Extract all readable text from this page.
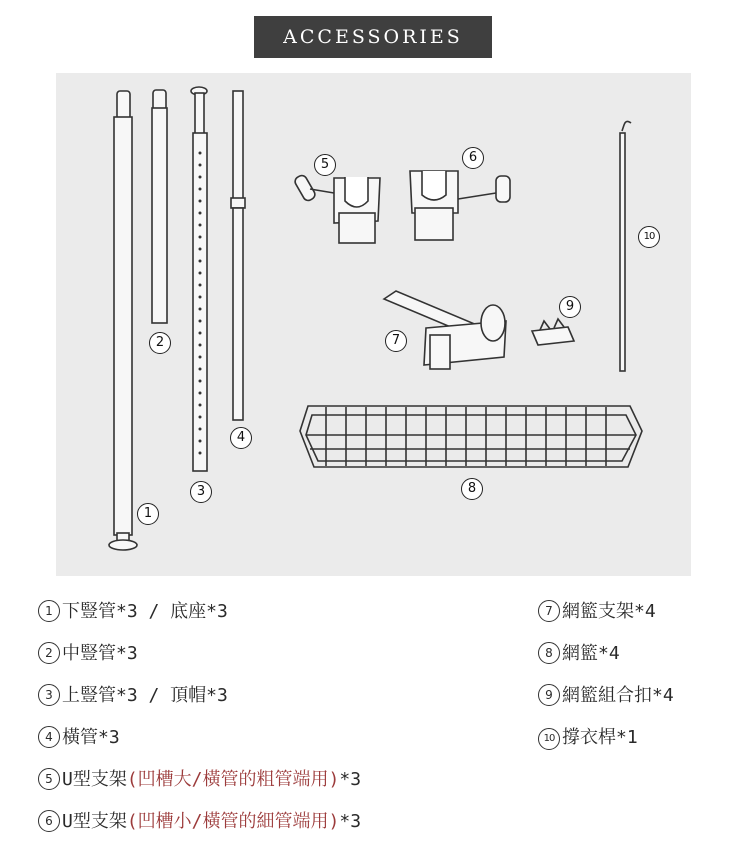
ACCESSORIES
1
2
3
4
5	6
7
8
9
10
1 下豎管*3 / 底座*3
2 中豎管*3
3 上豎管*3 / 頂帽*3
4 橫管*3
5 U型支架(凹槽大/橫管的粗管端用)*3
6 U型支架(凹槽小/橫管的細管端用)*3
7 網籃支架*4
8 網籃*4
9 網籃組合扣*4
10 撐衣桿*1
